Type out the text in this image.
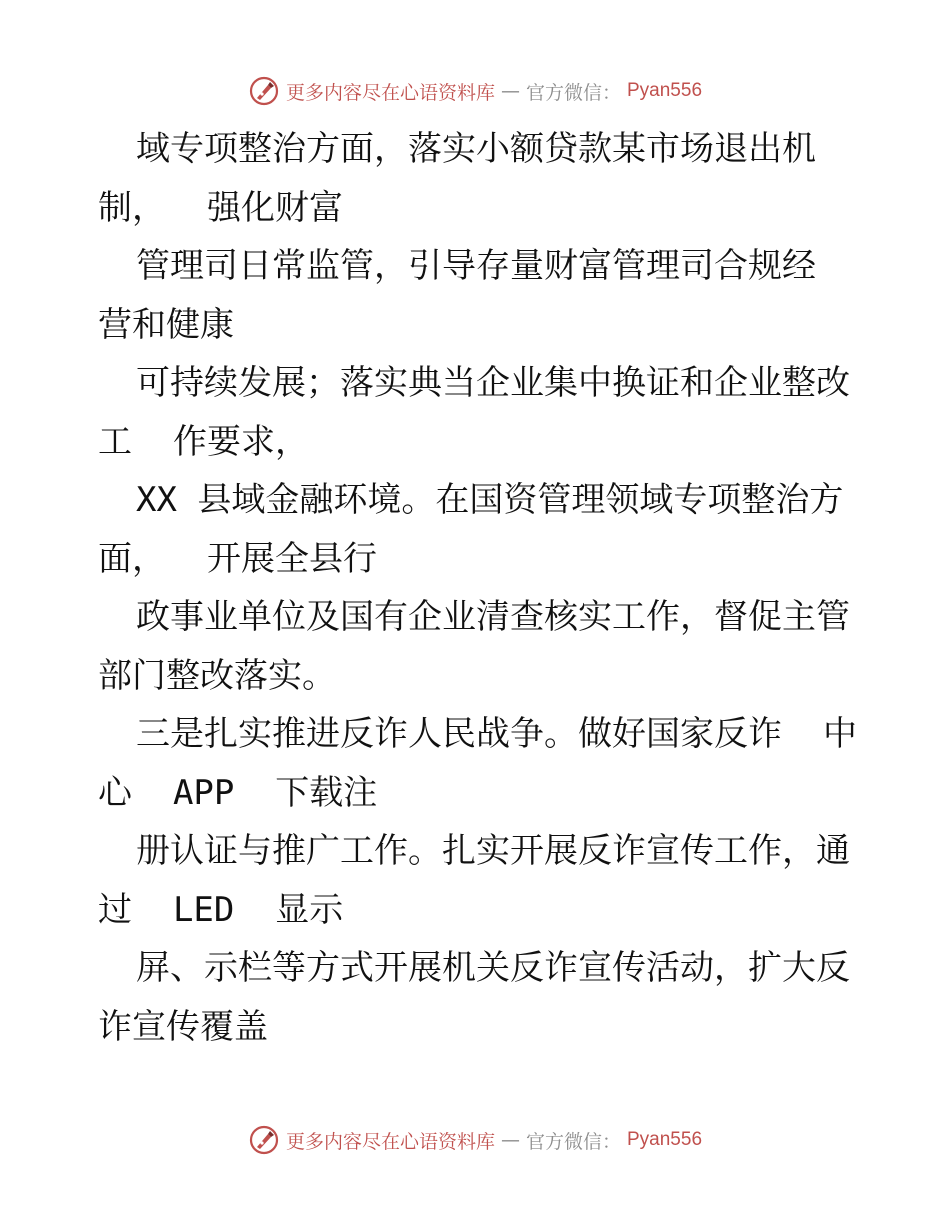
更多内容尽在心语资料库 — 官方微信： Pyan556
域专项整治方面，落实小额贷款某市场退出机
制，  强化财富
管理司日常监管，引导存量财富管理司合规经
营和健康
可持续发展；落实典当企业集中换证和企业整改
工  作要求，
XX 县域金融环境。在国资管理领域专项整治方
面，  开展全县行
政事业单位及国有企业清查核实工作，督促主管
部门整改落实。
三是扎实推进反诈人民战争。做好国家反诈  中
心  APP  下载注
册认证与推广工作。扎实开展反诈宣传工作，通
过  LED  显示
屏、示栏等方式开展机关反诈宣传活动，扩大反
诈宣传覆盖
更多内容尽在心语资料库 — 官方微信： Pyan556
